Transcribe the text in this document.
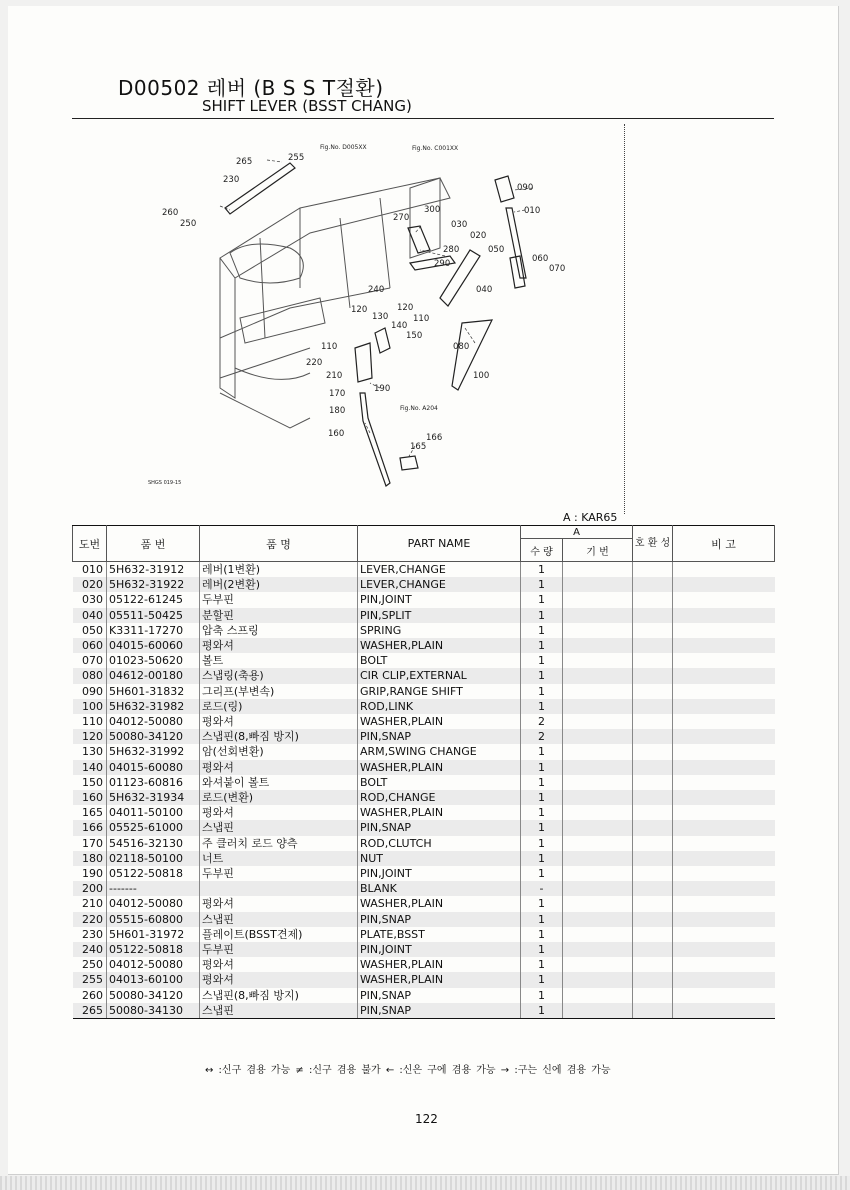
D00502 레버 (B S S T절환)
SHIFT LEVER (BSST CHANG)
Fig.No. D005XX	Fig.No. C001XX
Fig.No. A204
SHGS 019-15
265	255
230
260
250
090
010
300
270
030
020
280	050
290	060
070
040
240
120
130
120
110
140
150
080
110
220
210	100
190
170
180
160	166
165
A : KAR65
도번	품 번	품 명	PART NAME	A		호 환 성	비 고
				수 량	기 번		
010	5H632-31912	레버(1변환)	LEVER,CHANGE	1			
020	5H632-31922	레버(2변환)	LEVER,CHANGE	1			
030	05122-61245	두부핀	PIN,JOINT	1			
040	05511-50425	분할핀	PIN,SPLIT	1			
050	K3311-17270	압축 스프링	SPRING	1			
060	04015-60060	평와셔	WASHER,PLAIN	1			
070	01023-50620	볼트	BOLT	1			
080	04612-00180	스냅링(축용)	CIR CLIP,EXTERNAL	1			
090	5H601-31832	그리프(부변속)	GRIP,RANGE SHIFT	1			
100	5H632-31982	로드(링)	ROD,LINK	1			
110	04012-50080	평와셔	WASHER,PLAIN	2			
120	50080-34120	스냅핀(8,빠짐 방지)	PIN,SNAP	2			
130	5H632-31992	암(선회변환)	ARM,SWING CHANGE	1			
140	04015-60080	평와셔	WASHER,PLAIN	1			
150	01123-60816	와셔붙이 볼트	BOLT	1			
160	5H632-31934	로드(변환)	ROD,CHANGE	1			
165	04011-50100	평와셔	WASHER,PLAIN	1			
166	05525-61000	스냅핀	PIN,SNAP	1			
170	54516-32130	주 클러치 로드 양측	ROD,CLUTCH	1			
180	02118-50100	너트	NUT	1			
190	05122-50818	두부핀	PIN,JOINT	1			
200	-------		BLANK	-			
210	04012-50080	평와셔	WASHER,PLAIN	1			
220	05515-60800	스냅핀	PIN,SNAP	1			
230	5H601-31972	플레이트(BSST견제)	PLATE,BSST	1			
240	05122-50818	두부핀	PIN,JOINT	1			
250	04012-50080	평와셔	WASHER,PLAIN	1			
255	04013-60100	평와셔	WASHER,PLAIN	1			
260	50080-34120	스냅핀(8,빠짐 방지)	PIN,SNAP	1			
265	50080-34130	스냅핀	PIN,SNAP	1			
↔ :신구 겸용 가능 ≠ :신구 겸용 불가 ← :신은 구에 겸용 가능 → :구는 신에 겸용 가능
122
